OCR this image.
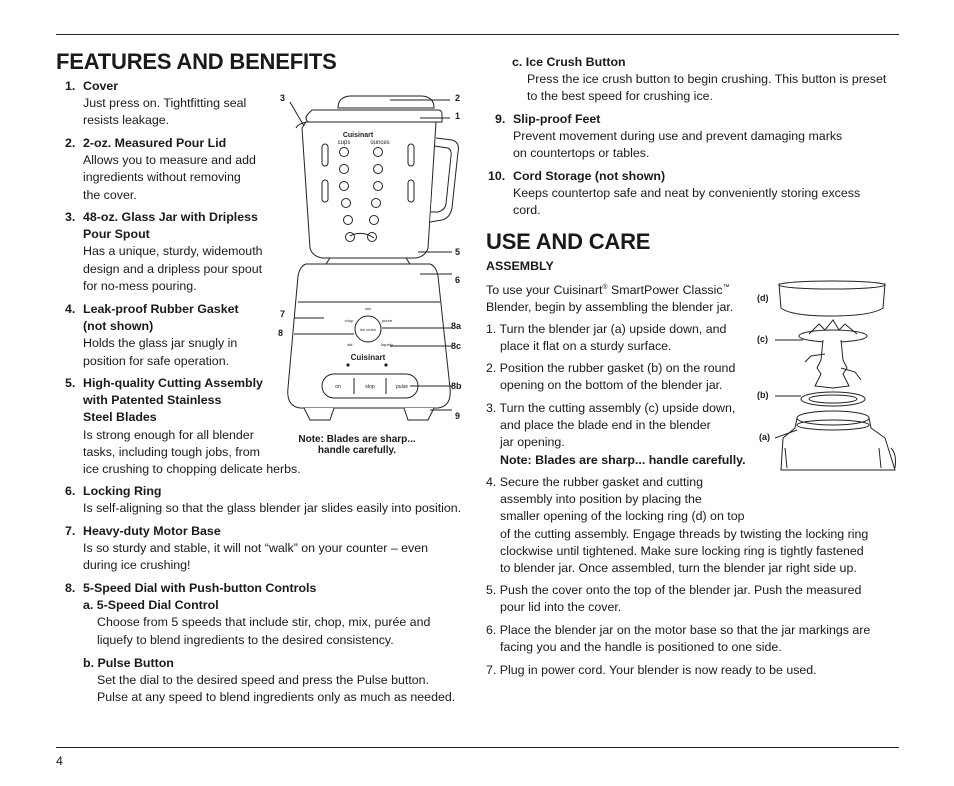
FEATURES AND BENEFITS
1. Cover
Just press on. Tightfitting seal
resists leakage.
2. 2-oz. Measured Pour Lid
Allows you to measure and add
ingredients without removing
the cover.
3. 48-oz. Glass Jar with Dripless
Pour Spout
Has a unique, sturdy, widemouth
design and a dripless pour spout
for no-mess pouring.
4. Leak-proof Rubber Gasket
(not shown)
Holds the glass jar snugly in
position for safe operation.
5. High-quality Cutting Assembly
with Patented Stainless
Steel Blades
Is strong enough for all blender
tasks, including tough jobs, from
ice crushing to chopping delicate herbs.
6. Locking Ring
Is self-aligning so that the glass blender jar slides easily into position.
7. Heavy-duty Motor Base
Is so sturdy and stable, it will not “walk” on your counter – even
during ice crushing!
8. 5-Speed Dial with Push-button Controls
a. 5-Speed Dial Control
Choose from 5 speeds that include stir, chop, mix, purée and
liquefy to blend ingredients to the desired consistency.
b. Pulse Button
Set the dial to the desired speed and press the Pulse button.
Pulse at any speed to blend ingredients only as much as needed.
Cuisinart
cups	ounces
ice crush
mix
chop	purée
stir	liquefy
Cuisinart
on	stop	pulse
3	2
1
5
6
7
8a
8
8c
8b
9
Note: Blades are sharp...
handle carefully.
c. Ice Crush Button
Press the ice crush button to begin crushing. This button is preset
to the best speed for crushing ice.
9. Slip-proof Feet
Prevent movement during use and prevent damaging marks
on countertops or tables.
10. Cord Storage (not shown)
Keeps countertop safe and neat by conveniently storing excess
cord.
USE AND CARE
ASSEMBLY
To use your Cuisinart® SmartPower Classic™
Blender, begin by assembling the blender jar.
1. Turn the blender jar (a) upside down, and
place it flat on a sturdy surface.
2. Position the rubber gasket (b) on the round
opening on the bottom of the blender jar.
3. Turn the cutting assembly (c) upside down,
and place the blade end in the blender
jar opening.
Note: Blades are sharp... handle carefully.
4. Secure the rubber gasket and cutting
assembly into position by placing the
smaller opening of the locking ring (d) on top
of the cutting assembly. Engage threads by twisting the locking ring
clockwise until tightened. Make sure locking ring is tightly fastened
to blender jar. Once assembled, turn the blender jar right side up.
5. Push the cover onto the top of the blender jar. Push the measured
pour lid into the cover.
6. Place the blender jar on the motor base so that the jar markings are
facing you and the handle is positioned to one side.
7. Plug in power cord. Your blender is now ready to be used.
(d)
(c)
(b)
(a)
4
